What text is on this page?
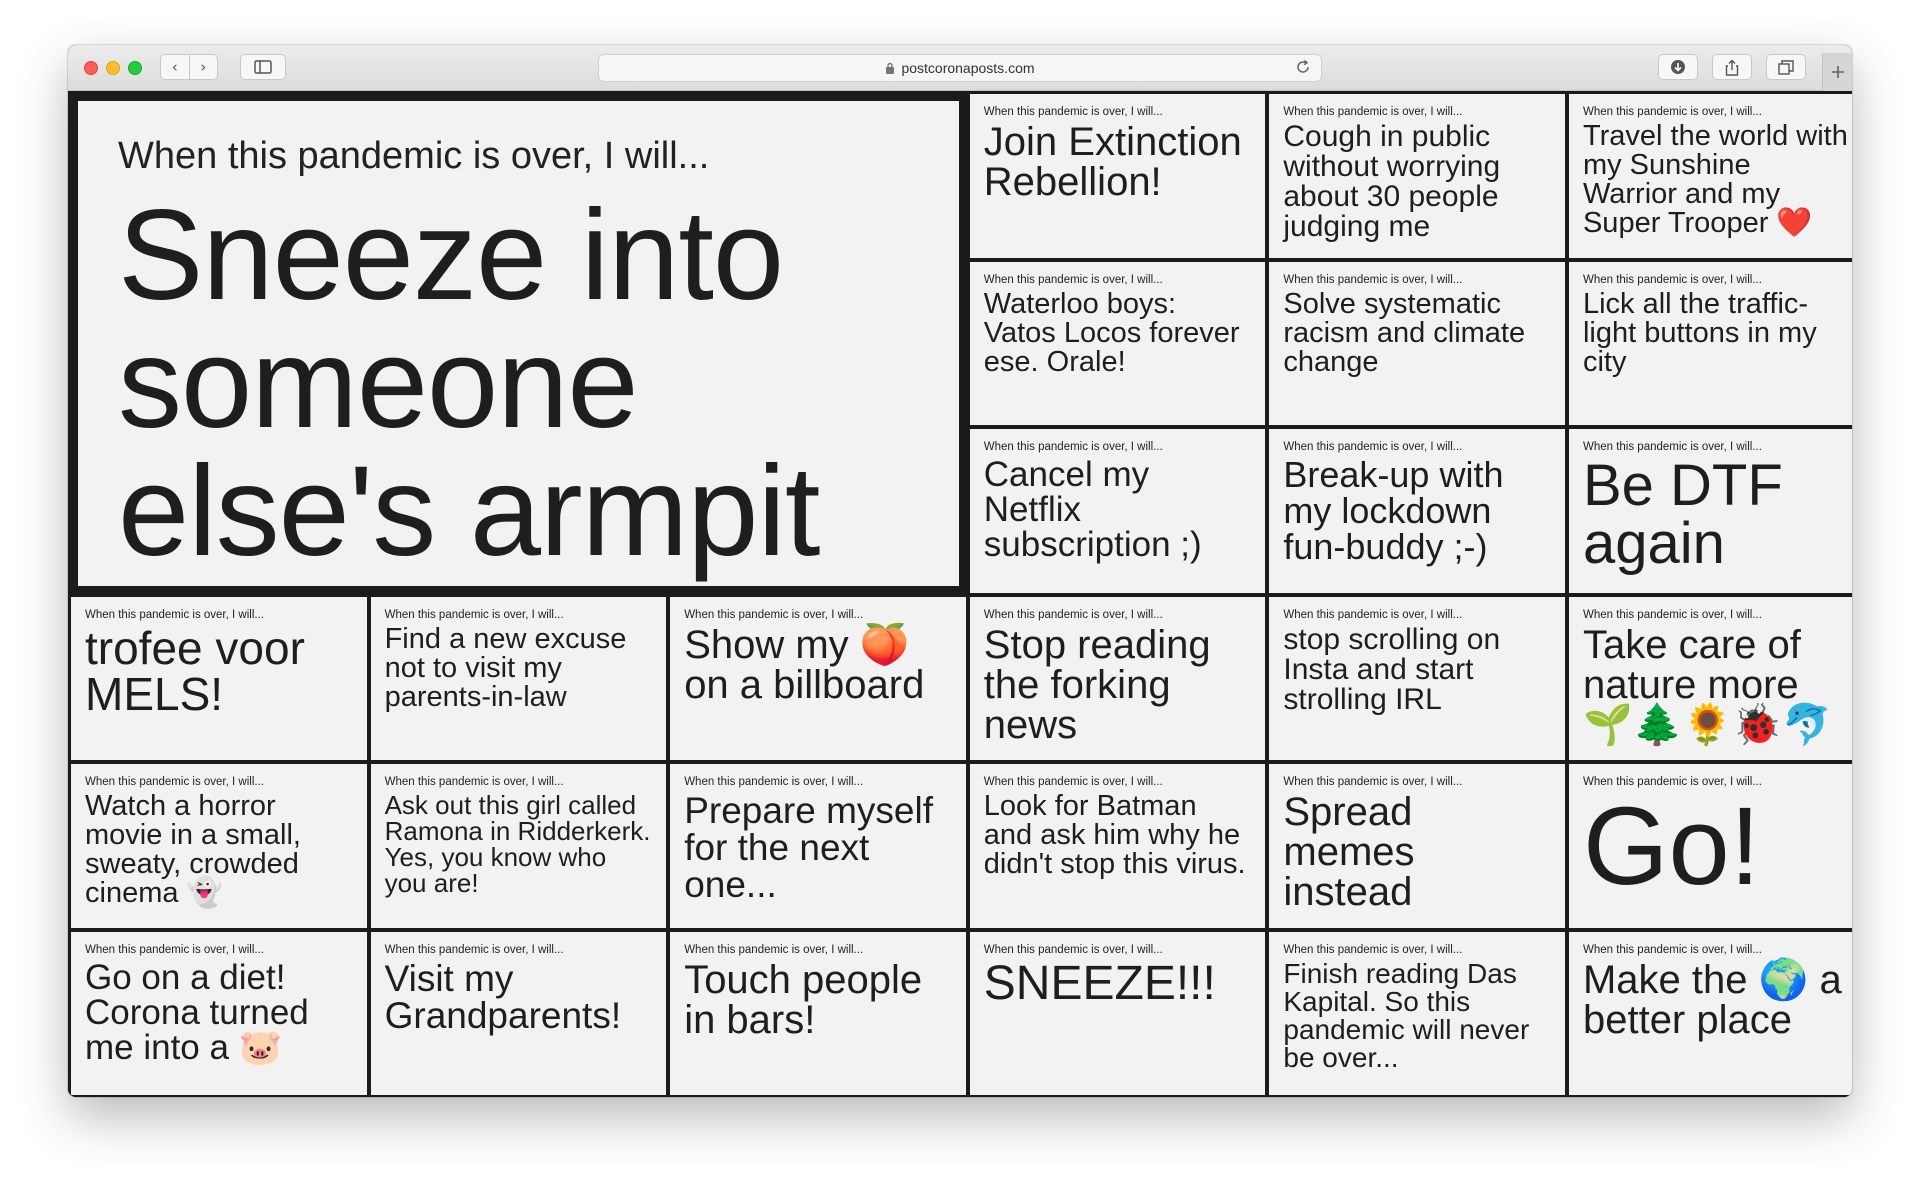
‹	›	postcoronaposts.com
When this pandemic is over, I will...
Sneeze into someone else's armpit
When this pandemic is over, I will...
Join Extinction Rebellion!
When this pandemic is over, I will...
Cough in public without worrying about 30 people judging me
When this pandemic is over, I will...
Travel the world with my Sunshine Warrior and my Super Trooper ❤️
When this pandemic is over, I will...
Waterloo boys: Vatos Locos forever ese. Orale!
When this pandemic is over, I will...
Solve systematic racism and climate change
When this pandemic is over, I will...
Lick all the traffic-light buttons in my city
When this pandemic is over, I will...
Cancel my Netflix subscription ;)
When this pandemic is over, I will...
Break-up with my lockdown fun-buddy ;-)
When this pandemic is over, I will...
Be DTF again
When this pandemic is over, I will...
trofee voor MELS!
When this pandemic is over, I will...
Find a new excuse not to visit my parents-in-law
When this pandemic is over, I will...
Show my 🍑 on a billboard
When this pandemic is over, I will...
Stop reading the forking news
When this pandemic is over, I will...
stop scrolling on Insta and start strolling IRL
When this pandemic is over, I will...
Take care of nature more 🌱🌲🌻🐞🐬
When this pandemic is over, I will...
Watch a horror movie in a small, sweaty, crowded cinema 👻
When this pandemic is over, I will...
Ask out this girl called Ramona in Ridderkerk. Yes, you know who you are!
When this pandemic is over, I will...
Prepare myself for the next one...
When this pandemic is over, I will...
Look for Batman and ask him why he didn't stop this virus.
When this pandemic is over, I will...
Spread memes instead
When this pandemic is over, I will...
Go!
When this pandemic is over, I will...
Go on a diet! Corona turned me into a 🐷
When this pandemic is over, I will...
Visit my Grandparents!
When this pandemic is over, I will...
Touch people in bars!
When this pandemic is over, I will...
SNEEZE!!!
When this pandemic is over, I will...
Finish reading Das Kapital. So this pandemic will never be over...
When this pandemic is over, I will...
Make the 🌍 a better place
